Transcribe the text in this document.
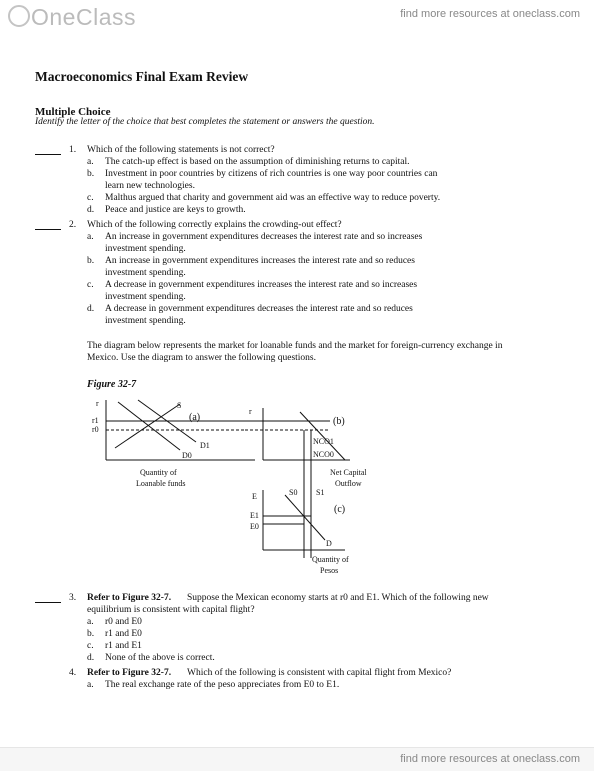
OneClass	find more resources at oneclass.com
Macroeconomics Final Exam Review
Multiple Choice
Identify the letter of the choice that best completes the statement or answers the question.
1. Which of the following statements is not correct?
a. The catch-up effect is based on the assumption of diminishing returns to capital.
b. Investment in poor countries by citizens of rich countries is one way poor countries can
learn new technologies.
c. Malthus argued that charity and government aid was an effective way to reduce poverty.
d. Peace and justice are keys to growth.
2. Which of the following correctly explains the crowding-out effect?
a. An increase in government expenditures decreases the interest rate and so increases
investment spending.
b. An increase in government expenditures increases the interest rate and so reduces
investment spending.
c. A decrease in government expenditures increases the interest rate and so increases
investment spending.
d. A decrease in government expenditures decreases the interest rate and so reduces
investment spending.
The diagram below represents the market for loanable funds and the market for foreign-currency exchange in
Mexico. Use the diagram to answer the following questions.
Figure 32-7
r
r1
r0
S
D1
D0
Quantity of
Loanable funds
(a)
r
(b)
NCO1
NCO0
Net Capital
Outflow
(c)
E
E1
E0
S0 S1
D
Quantity of
Pesos
3. Refer to Figure 32-7. Suppose the Mexican economy starts at r0 and E1. Which of the following new
equilibrium is consistent with capital flight?
a. r0 and E0
b. r1 and E0
c. r1 and E1
d. None of the above is correct.
4. Refer to Figure 32-7. Which of the following is consistent with capital flight from Mexico?
a. The real exchange rate of the peso appreciates from E0 to E1.
find more resources at oneclass.com
